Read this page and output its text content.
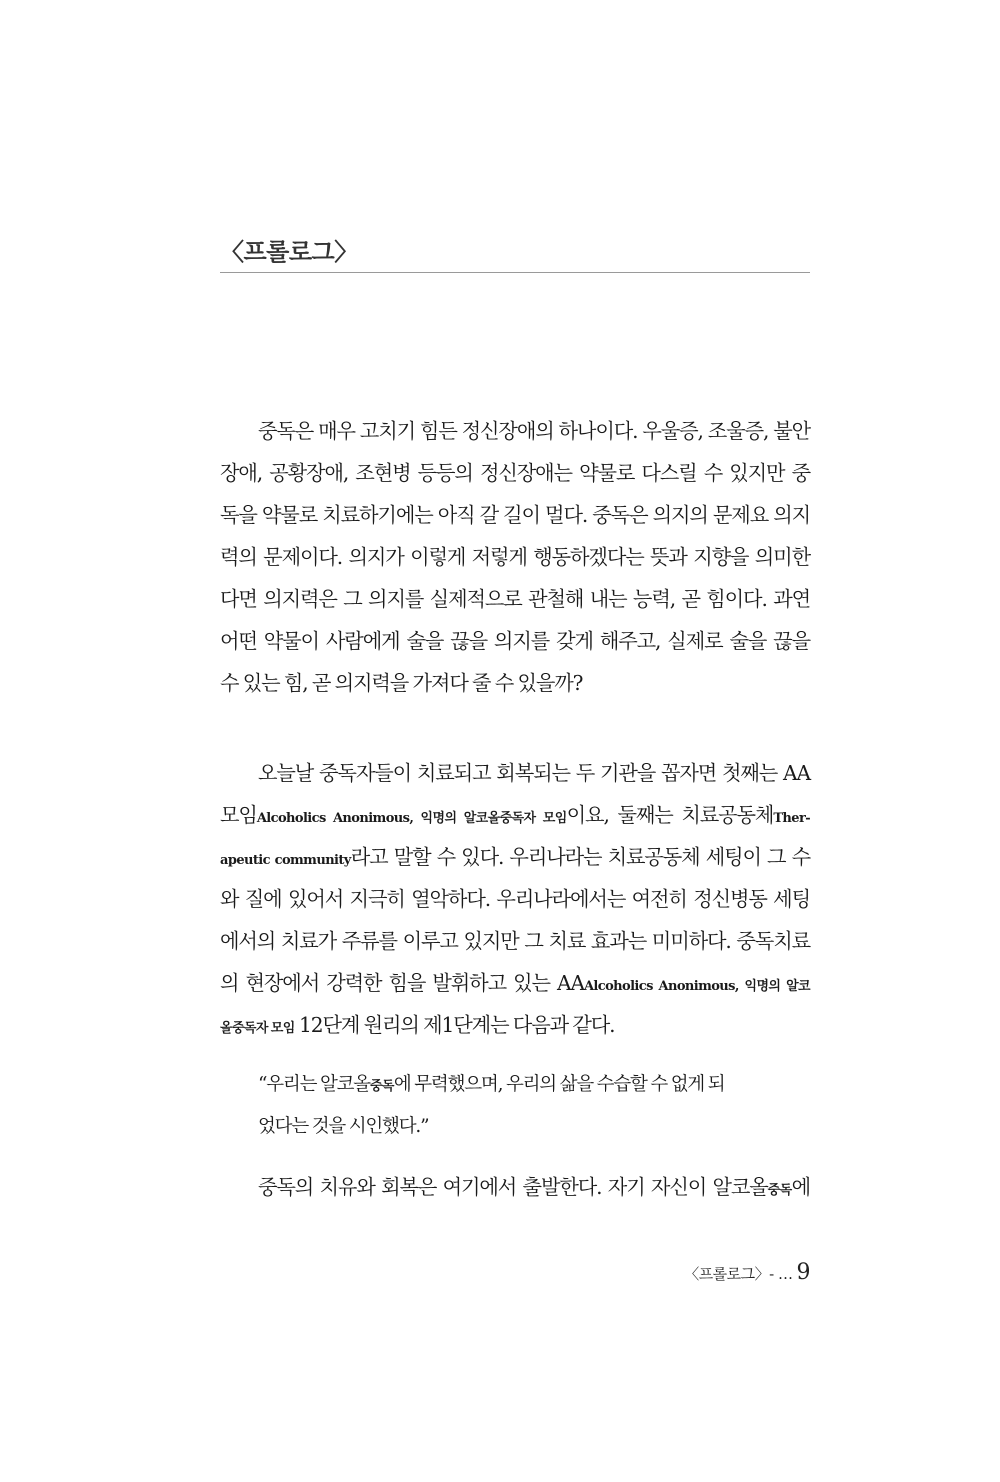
〈프롤로그〉
중독은 매우 고치기 힘든 정신장애의 하나이다. 우울증, 조울증, 불안
장애, 공황장애, 조현병 등등의 정신장애는 약물로 다스릴 수 있지만 중
독을 약물로 치료하기에는 아직 갈 길이 멀다. 중독은 의지의 문제요 의지
력의 문제이다. 의지가 이렇게 저렇게 행동하겠다는 뜻과 지향을 의미한
다면 의지력은 그 의지를 실제적으로 관철해 내는 능력, 곧 힘이다. 과연
어떤 약물이 사람에게 술을 끊을 의지를 갖게 해주고, 실제로 술을 끊을
수 있는 힘, 곧 의지력을 가져다 줄 수 있을까?
오늘날 중독자들이 치료되고 회복되는 두 기관을 꼽자면 첫째는 AA
모임Alcoholics Anonimous, 익명의 알코올중독자 모임이요, 둘째는 치료공동체Ther-
apeutic community라고 말할 수 있다. 우리나라는 치료공동체 세팅이 그 수
와 질에 있어서 지극히 열악하다. 우리나라에서는 여전히 정신병동 세팅
에서의 치료가 주류를 이루고 있지만 그 치료 효과는 미미하다. 중독치료
의 현장에서 강력한 힘을 발휘하고 있는 AAAlcoholics Anonimous, 익명의 알코
올중독자 모임 12단계 원리의 제1단계는 다음과 같다.
“우리는 알코올중독에 무력했으며, 우리의 삶을 수습할 수 없게 되
었다는 것을 시인했다.”
중독의 치유와 회복은 여기에서 출발한다. 자기 자신이 알코올중독에
〈프롤로그〉- … 9
